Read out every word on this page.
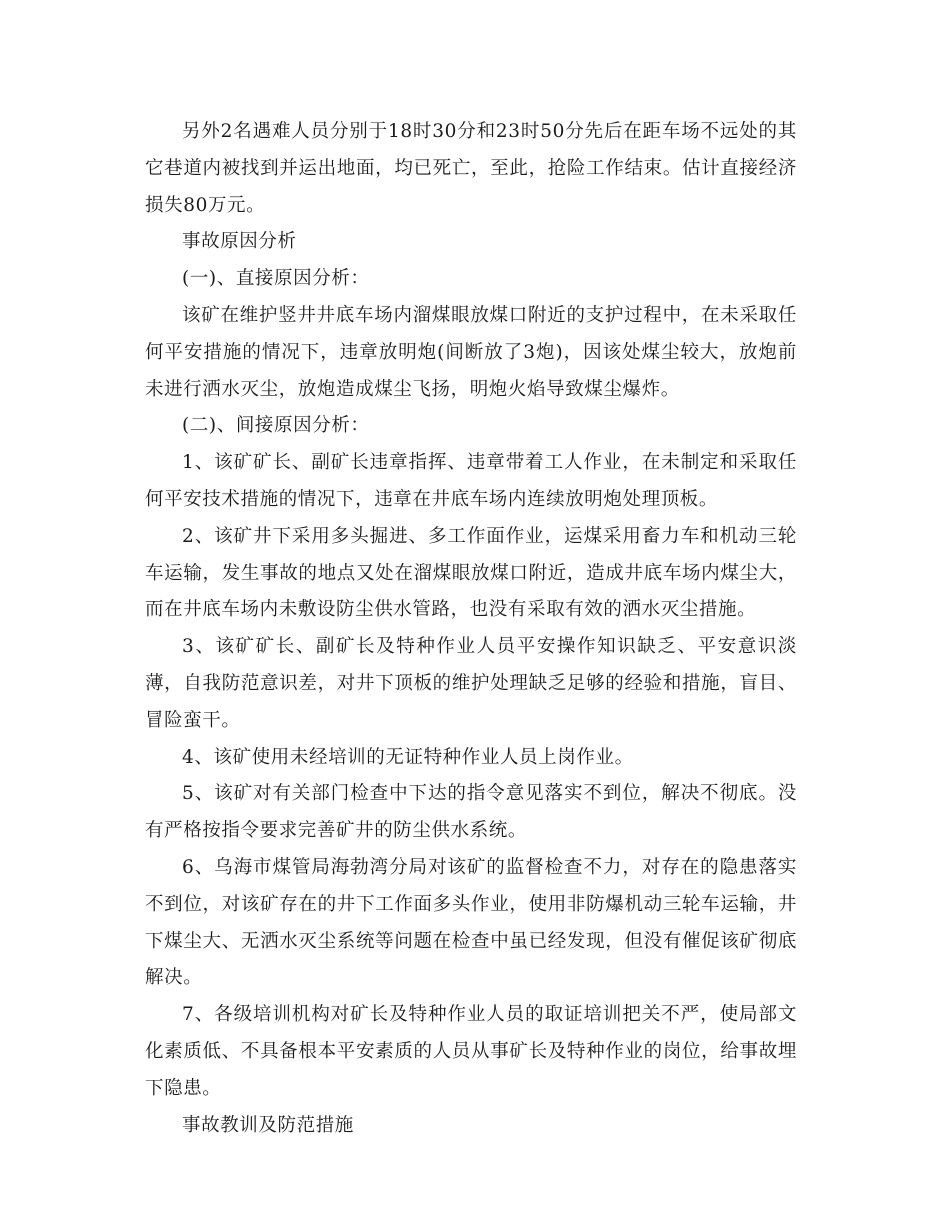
另外2名遇难人员分别于18时30分和23时50分先后在距车场不远处的其它巷道内被找到并运出地面，均已死亡，至此，抢险工作结束。估计直接经济损失80万元。

事故原因分析

(一)、直接原因分析：

该矿在维护竖井井底车场内溜煤眼放煤口附近的支护过程中，在未采取任何平安措施的情况下，违章放明炮(间断放了3炮)，因该处煤尘较大，放炮前未进行洒水灭尘，放炮造成煤尘飞扬，明炮火焰导致煤尘爆炸。

(二)、间接原因分析：

1、该矿矿长、副矿长违章指挥、违章带着工人作业，在未制定和采取任何平安技术措施的情况下，违章在井底车场内连续放明炮处理顶板。

2、该矿井下采用多头掘进、多工作面作业，运煤采用畜力车和机动三轮车运输，发生事故的地点又处在溜煤眼放煤口附近，造成井底车场内煤尘大，而在井底车场内未敷设防尘供水管路，也没有采取有效的洒水灭尘措施。

3、该矿矿长、副矿长及特种作业人员平安操作知识缺乏、平安意识淡薄，自我防范意识差，对井下顶板的维护处理缺乏足够的经验和措施，盲目、冒险蛮干。

4、该矿使用未经培训的无证特种作业人员上岗作业。

5、该矿对有关部门检查中下达的指令意见落实不到位，解决不彻底。没有严格按指令要求完善矿井的防尘供水系统。

6、乌海市煤管局海勃湾分局对该矿的监督检查不力，对存在的隐患落实不到位，对该矿存在的井下工作面多头作业，使用非防爆机动三轮车运输，井下煤尘大、无洒水灭尘系统等问题在检查中虽已经发现，但没有催促该矿彻底解决。

7、各级培训机构对矿长及特种作业人员的取证培训把关不严，使局部文化素质低、不具备根本平安素质的人员从事矿长及特种作业的岗位，给事故埋下隐患。

事故教训及防范措施
